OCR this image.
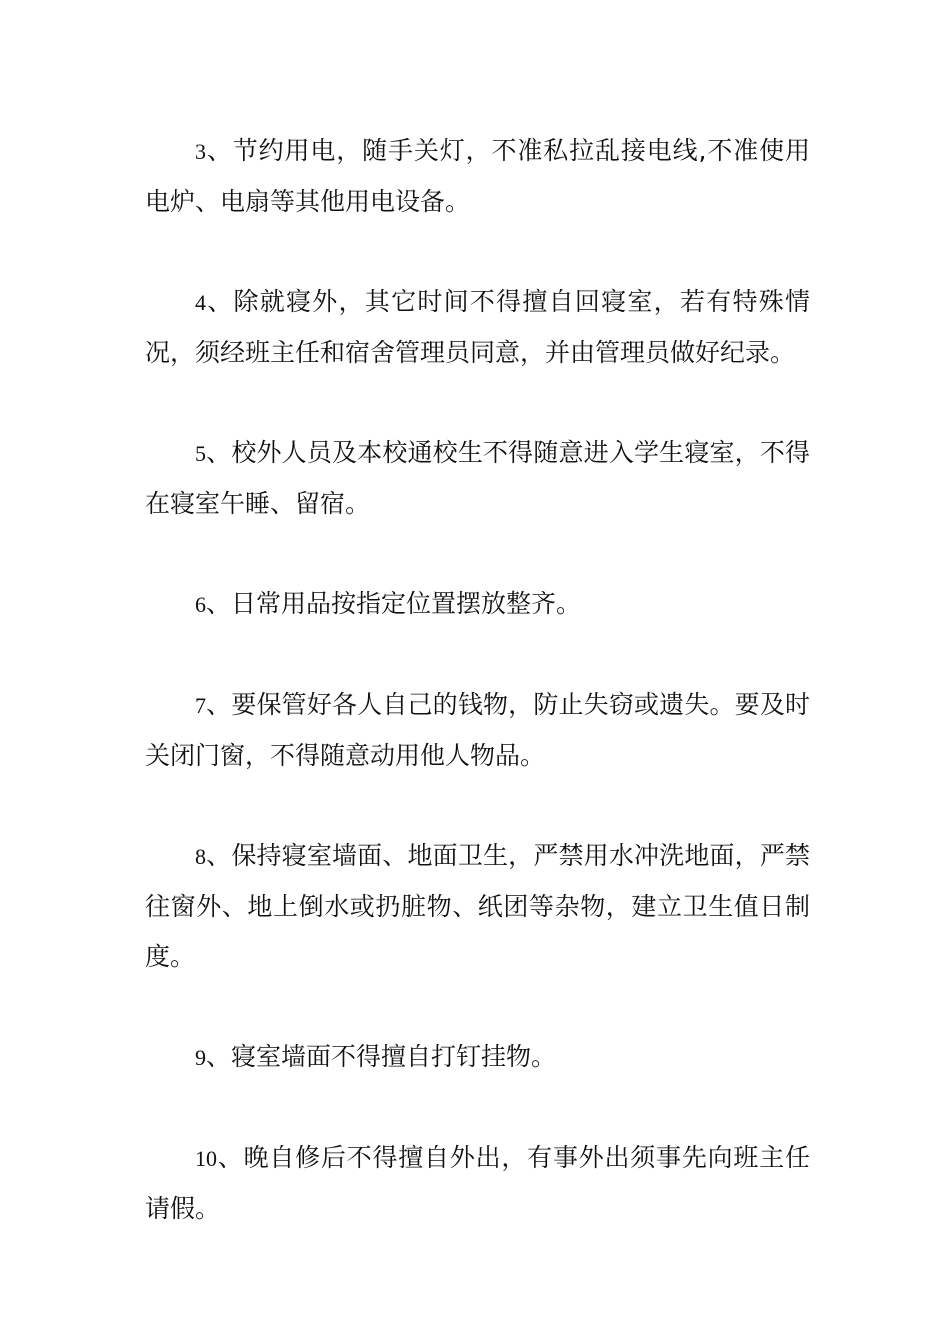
3、节约用电，随手关灯，不准私拉乱接电线,不准使用电炉、电扇等其他用电设备。

4、除就寝外，其它时间不得擅自回寝室，若有特殊情况，须经班主任和宿舍管理员同意，并由管理员做好纪录。

5、校外人员及本校通校生不得随意进入学生寝室，不得在寝室午睡、留宿。

6、日常用品按指定位置摆放整齐。

7、要保管好各人自己的钱物，防止失窃或遗失。要及时关闭门窗，不得随意动用他人物品。

8、保持寝室墙面、地面卫生，严禁用水冲洗地面，严禁往窗外、地上倒水或扔脏物、纸团等杂物，建立卫生值日制度。

9、寝室墙面不得擅自打钉挂物。

10、晚自修后不得擅自外出，有事外出须事先向班主任请假。
